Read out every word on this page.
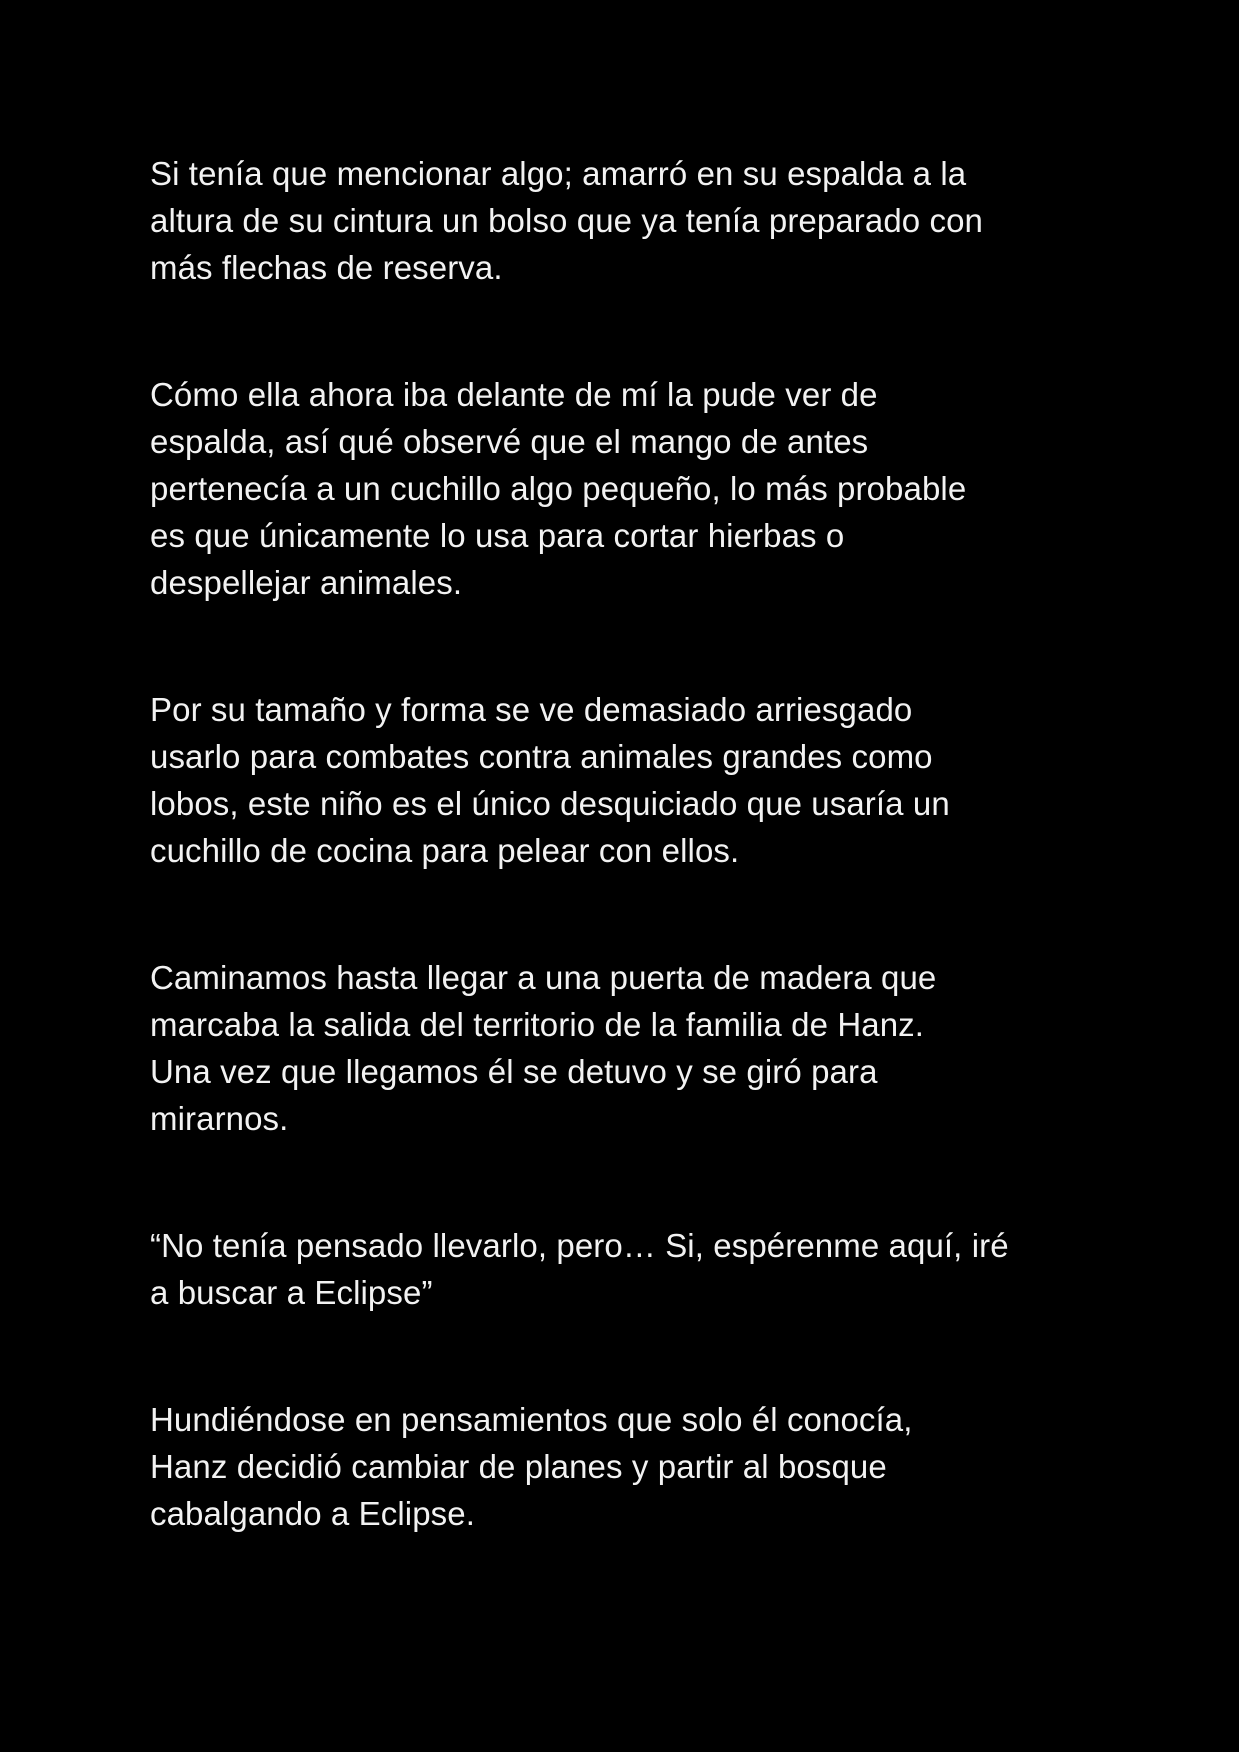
Si tenía que mencionar algo; amarró en su espalda a la
altura de su cintura un bolso que ya tenía preparado con
más flechas de reserva.

Cómo ella ahora iba delante de mí la pude ver de
espalda, así qué observé que el mango de antes
pertenecía a un cuchillo algo pequeño, lo más probable
es que únicamente lo usa para cortar hierbas o
despellejar animales.

Por su tamaño y forma se ve demasiado arriesgado
usarlo para combates contra animales grandes como
lobos, este niño es el único desquiciado que usaría un
cuchillo de cocina para pelear con ellos.

Caminamos hasta llegar a una puerta de madera que
marcaba la salida del territorio de la familia de Hanz.
Una vez que llegamos él se detuvo y se giró para
mirarnos.

“No tenía pensado llevarlo, pero… Si, espérenme aquí, iré
a buscar a Eclipse”

Hundiéndose en pensamientos que solo él conocía,
Hanz decidió cambiar de planes y partir al bosque
cabalgando a Eclipse.
